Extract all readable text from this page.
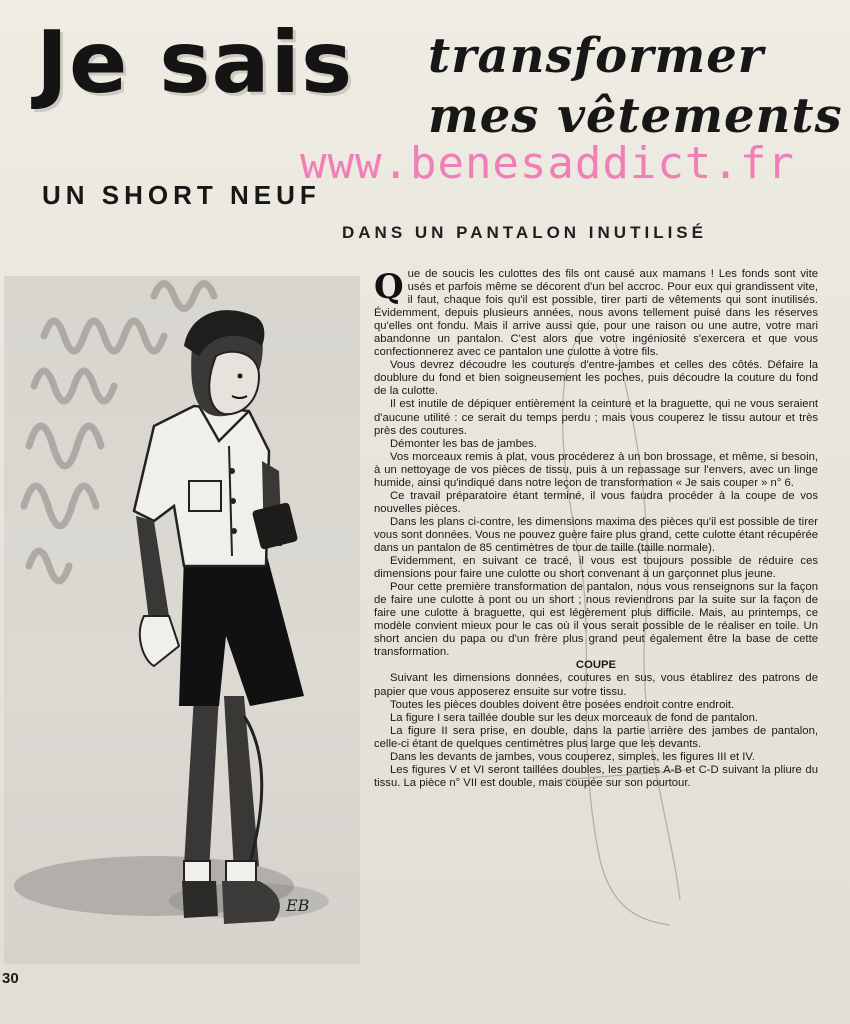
Je sais transformer
mes vêtements
www.benesaddict.fr
UN SHORT NEUF
DANS UN PANTALON INUTILISÉ
EB

Que de soucis les culottes des fils ont causé aux mamans ! Les fonds sont vite usés et parfois même se décorent d'un bel accroc. Pour eux qui grandissent vite, il faut, chaque fois qu'il est possible, tirer parti de vêtements qui sont inutilisés. Évidemment, depuis plusieurs années, nous avons tellement puisé dans les réserves qu'elles ont fondu. Mais il arrive aussi que, pour une raison ou une autre, votre mari abandonne un pantalon. C'est alors que votre ingéniosité s'exercera et que vous confectionnerez avec ce pantalon une culotte à votre fils.

Vous devrez découdre les coutures d'entre-jambes et celles des côtés. Défaire la doublure du fond et bien soigneusement les poches, puis découdre la couture du fond de la culotte.

Il est inutile de dépiquer entièrement la ceinture et la braguette, qui ne vous seraient d'aucune utilité : ce serait du temps perdu ; mais vous couperez le tissu autour et très près des coutures.

Démonter les bas de jambes.

Vos morceaux remis à plat, vous procéderez à un bon brossage, et même, si besoin, à un nettoyage de vos pièces de tissu, puis à un repassage sur l'envers, avec un linge humide, ainsi qu'indiqué dans notre leçon de transformation « Je sais couper » n° 6.

Ce travail préparatoire étant terminé, il vous faudra procéder à la coupe de vos nouvelles pièces.

Dans les plans ci-contre, les dimensions maxima des pièces qu'il est possible de tirer vous sont données. Vous ne pouvez guère faire plus grand, cette culotte étant récupérée dans un pantalon de 85 centimètres de tour de taille (taille normale).

Evidemment, en suivant ce tracé, il vous est toujours possible de réduire ces dimensions pour faire une culotte ou short convenant à un garçonnet plus jeune.

Pour cette première transformation de pantalon, nous vous renseignons sur la façon de faire une culotte à pont ou un short ; nous reviendrons par la suite sur la façon de faire une culotte à braguette, qui est légèrement plus difficile. Mais, au printemps, ce modèle convient mieux pour le cas où il vous serait possible de le réaliser en toile. Un short ancien du papa ou d'un frère plus grand peut également être la base de cette transformation.

COUPE

Suivant les dimensions données, coutures en sus, vous établirez des patrons de papier que vous apposerez ensuite sur votre tissu.

Toutes les pièces doubles doivent être posées endroit contre endroit.

La figure I sera taillée double sur les deux morceaux de fond de pantalon.

La figure II sera prise, en double, dans la partie arrière des jambes de pantalon, celle-ci étant de quelques centimètres plus large que les devants.

Dans les devants de jambes, vous couperez, simples, les figures III et IV.

Les figures V et VI seront taillées doubles, les parties A-B et C-D suivant la pliure du tissu. La pièce n° VII est double, mais coupée sur son pourtour.

30
